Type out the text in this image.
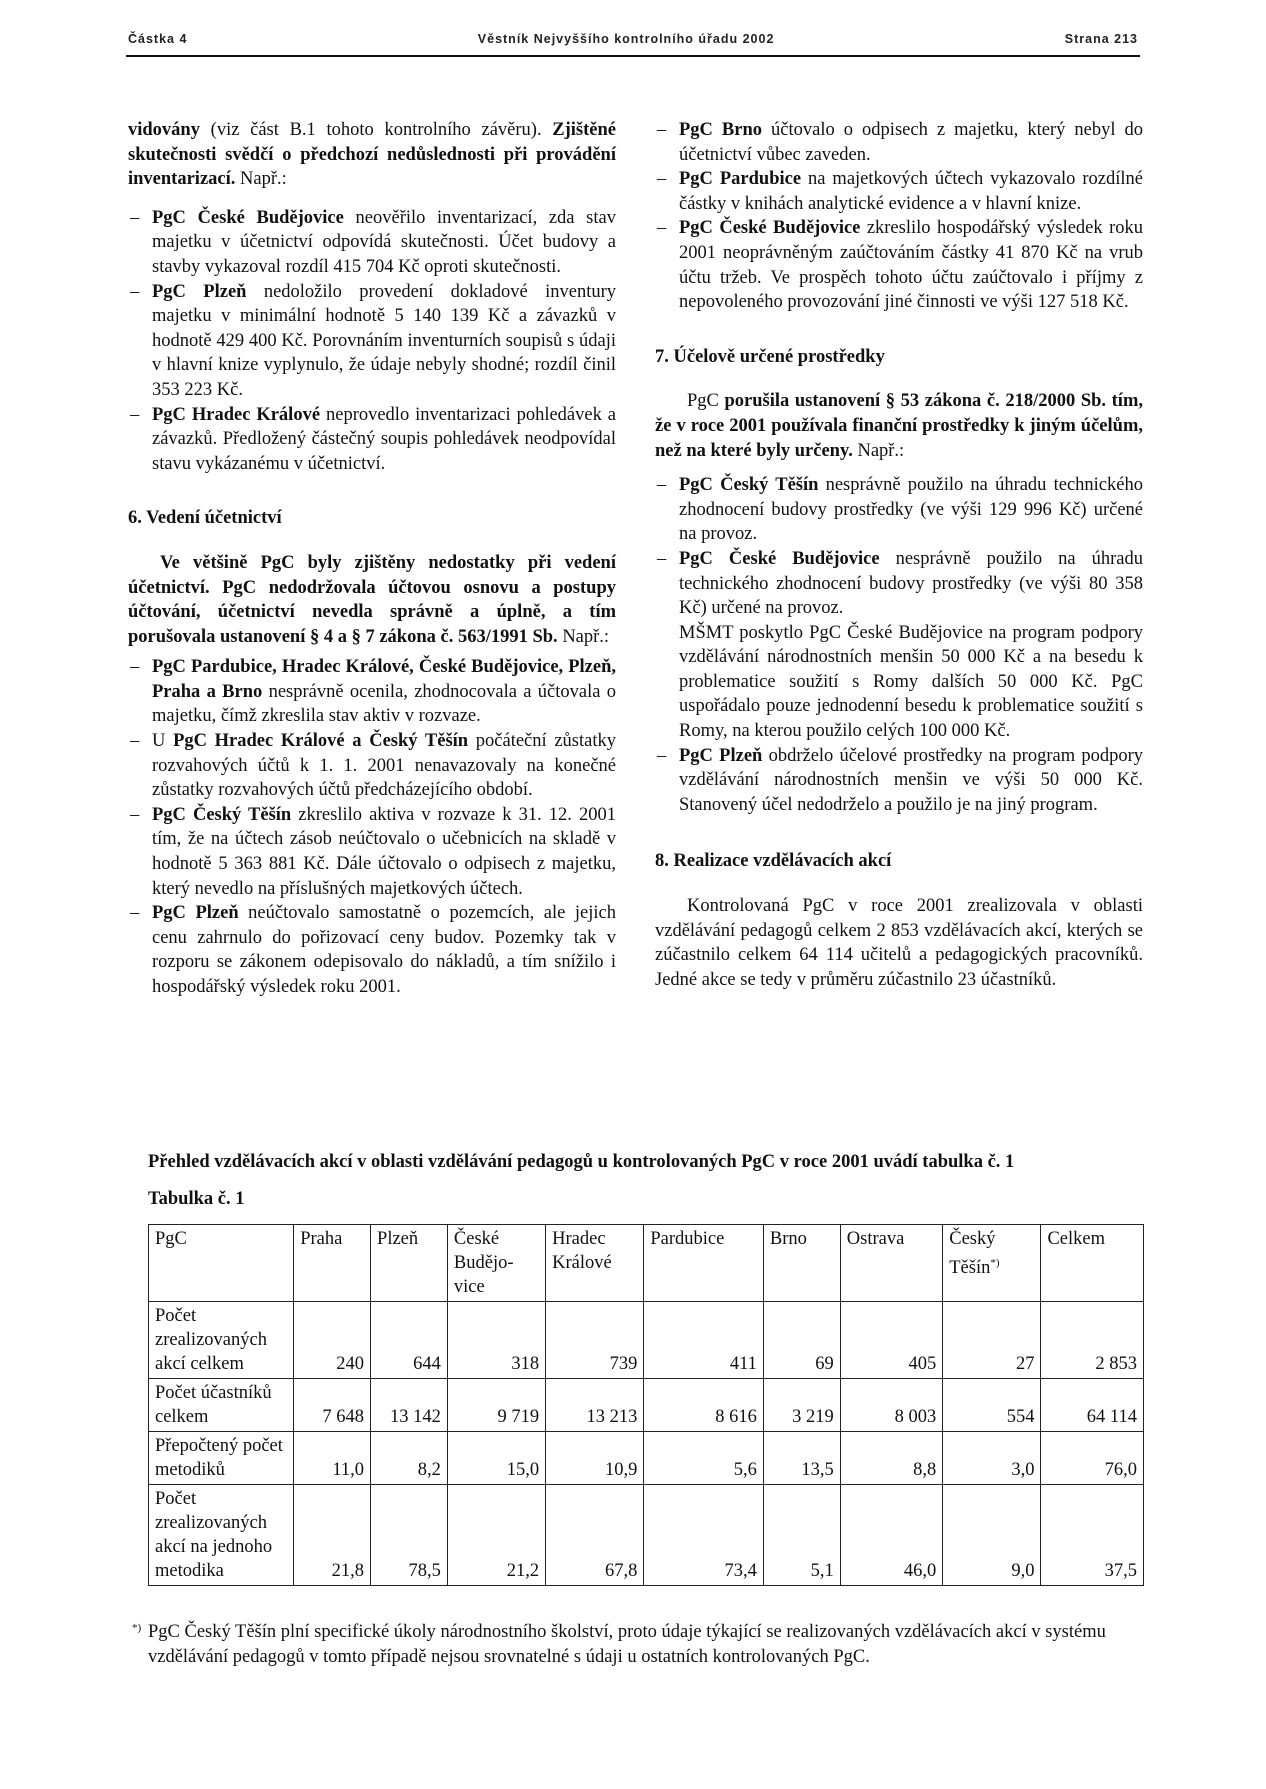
Částka 4	Věstník Nejvyššího kontrolního úřadu 2002	Strana 213

vidovány (viz část B.1 tohoto kontrolního závěru). Zjištěné skutečnosti svědčí o předchozí nedůslednosti při provádění inventarizací. Např.:

– PgC České Budějovice neověřilo inventarizací, zda stav majetku v účetnictví odpovídá skutečnosti. Účet budovy a stavby vykazoval rozdíl 415 704 Kč oproti skutečnosti.
– PgC Plzeň nedoložilo provedení dokladové inventury majetku v minimální hodnotě 5 140 139 Kč a závazků v hodnotě 429 400 Kč. Porovnáním inventurních soupisů s údaji v hlavní knize vyplynulo, že údaje nebyly shodné; rozdíl činil 353 223 Kč.
– PgC Hradec Králové neprovedlo inventarizaci pohledávek a závazků. Předložený částečný soupis pohledávek neodpovídal stavu vykázanému v účetnictví.
6. Vedení účetnictví

Ve většině PgC byly zjištěny nedostatky při vedení účetnictví. PgC nedodržovala účtovou osnovu a postupy účtování, účetnictví nevedla správně a úplně, a tím porušovala ustanovení § 4 a § 7 zákona č. 563/1991 Sb. Např.:

– PgC Pardubice, Hradec Králové, České Budějovice, Plzeň, Praha a Brno nesprávně ocenila, zhodnocovala a účtovala o majetku, čímž zkreslila stav aktiv v rozvaze.
– U PgC Hradec Králové a Český Těšín počáteční zůstatky rozvahových účtů k 1. 1. 2001 nenavazovaly na konečné zůstatky rozvahových účtů předcházejícího období.
– PgC Český Těšín zkreslilo aktiva v rozvaze k 31. 12. 2001 tím, že na účtech zásob neúčtovalo o učebnicích na skladě v hodnotě 5 363 881 Kč. Dále účtovalo o odpisech z majetku, který nevedlo na příslušných majetkových účtech.
– PgC Plzeň neúčtovalo samostatně o pozemcích, ale jejich cenu zahrnulo do pořizovací ceny budov. Pozemky tak v rozporu se zákonem odepisovalo do nákladů, a tím snížilo i hospodářský výsledek roku 2001.
– PgC Brno účtovalo o odpisech z majetku, který nebyl do účetnictví vůbec zaveden.
– PgC Pardubice na majetkových účtech vykazovalo rozdílné částky v knihách analytické evidence a v hlavní knize.
– PgC České Budějovice zkreslilo hospodářský výsledek roku 2001 neoprávněným zaúčtováním částky 41 870 Kč na vrub účtu tržeb. Ve prospěch tohoto účtu zaúčtovalo i příjmy z nepovoleného provozování jiné činnosti ve výši 127 518 Kč.
7. Účelově určené prostředky

PgC porušila ustanovení § 53 zákona č. 218/2000 Sb. tím, že v roce 2001 používala finanční prostředky k jiným účelům, než na které byly určeny. Např.:

– PgC Český Těšín nesprávně použilo na úhradu technického zhodnocení budovy prostředky (ve výši 129 996 Kč) určené na provoz.
– PgC České Budějovice nesprávně použilo na úhradu technického zhodnocení budovy prostředky (ve výši 80 358 Kč) určené na provoz.

MŠMT poskytlo PgC České Budějovice na program podpory vzdělávání národnostních menšin 50 000 Kč a na besedu k problematice soužití s Romy dalších 50 000 Kč. PgC uspořádalo pouze jednodenní besedu k problematice soužití s Romy, na kterou použilo celých 100 000 Kč.

– PgC Plzeň obdrželo účelové prostředky na program podpory vzdělávání národnostních menšin ve výši 50 000 Kč. Stanovený účel nedodrželo a použilo je na jiný program.
8. Realizace vzdělávacích akcí

Kontrolovaná PgC v roce 2001 zrealizovala v oblasti vzdělávání pedagogů celkem 2 853 vzdělávacích akcí, kterých se zúčastnilo celkem 64 114 učitelů a pedagogických pracovníků. Jedné akce se tedy v průměru zúčastnilo 23 účastníků.

Přehled vzdělávacích akcí v oblasti vzdělávání pedagogů u kontrolovaných PgC v roce 2001 uvádí tabulka č. 1
Tabulka č. 1
PgC	Praha	Plzeň	České Budějo-vice	Hradec Králové	Pardubice	Brno	Ostrava	Český Těšín*)	Celkem
Počet zrealizovaných akcí celkem	240	644	318	739	411	69	405	27	2 853
Počet účastníků celkem	7 648	13 142	9 719	13 213	8 616	3 219	8 003	554	64 114
Přepočtený počet metodiků	11,0	8,2	15,0	10,9	5,6	13,5	8,8	3,0	76,0
Počet zrealizovaných akcí na jednoho metodika	21,8	78,5	21,2	67,8	73,4	5,1	46,0	9,0	37,5
*) PgC Český Těšín plní specifické úkoly národnostního školství, proto údaje týkající se realizovaných vzdělávacích akcí v systému vzdělávání pedagogů v tomto případě nejsou srovnatelné s údaji u ostatních kontrolovaných PgC.
